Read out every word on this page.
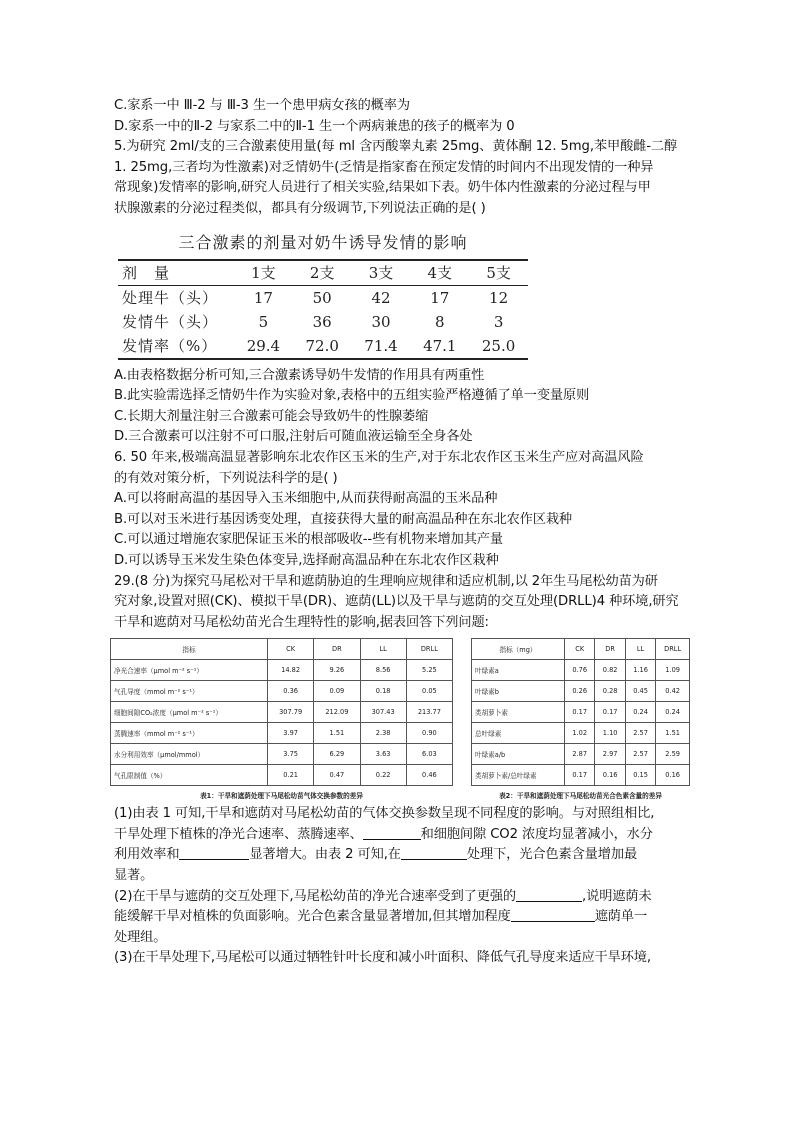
C.家系一中 Ⅲ-2 与 Ⅲ-3 生一个患甲病女孩的概率为
D.家系一中的Ⅱ-2 与家系二中的Ⅱ-1 生一个两病兼患的孩子的概率为 0
5.为研究 2ml/支的三合激素使用量(每 ml 含丙酸睾丸素 25mg、黄体酮 12. 5mg,苯甲酸雌-二醇
1. 25mg,三者均为性激素)对乏情奶牛(乏情是指家畜在预定发情的时间内不出现发情的一种异
常现象)发情率的影响,研究人员进行了相关实验,结果如下表。奶牛体内性激素的分泌过程与甲
状腺激素的分泌过程类似，都具有分级调节,下列说法正确的是( )
三合激素的剂量对奶牛诱导发情的影响
剂　量	1支	2支	3支	4支	5支
处理牛（头）	17	50	42	17	12
发情牛（头）	5	36	30	8	3
发情率（%）	29.4	72.0	71.4	47.1	25.0
A.由表格数据分析可知,三合激素诱导奶牛发情的作用具有两重性
B.此实验需选择乏情奶牛作为实验对象,表格中的五组实验严格遵循了单一变量原则
C.长期大剂量注射三合激素可能会导致奶牛的性腺萎缩
D.三合激素可以注射不可口服,注射后可随血液运输至全身各处
6. 50 年来,极端高温显著影响东北农作区玉米的生产,对于东北农作区玉米生产应对高温风险
的有效对策分析，下列说法科学的是( )
A.可以将耐高温的基因导入玉米细胞中,从而获得耐高温的玉米品种
B.可以对玉米进行基因诱变处理，直接获得大量的耐高温品种在东北农作区栽种
C.可以通过增施农家肥保证玉米的根部吸收--些有机物来增加其产量
D.可以诱导玉米发生染色体变异,选择耐高温品种在东北农作区栽种
29.(8 分)为探究马尾松对干旱和遮荫胁迫的生理响应规律和适应机制,以 2年生马尾松幼苗为研
究对象,设置对照(CK)、模拟干旱(DR)、遮荫(LL)以及干旱与遮荫的交互处理(DRLL)4 种环境,研究
干旱和遮荫对马尾松幼苗光合生理特性的影响,据表回答下列问题:
指标	CK	DR	LL	DRLL
净光合速率（μmol m⁻² s⁻¹）	14.82	9.26	8.56	5.25
气孔导度（mmol m⁻² s⁻¹）	0.36	0.09	0.18	0.05
细胞间隙CO₂浓度（μmol m⁻² s⁻¹）	307.79	212.09	307.43	213.77
蒸腾速率（mmol m⁻² s⁻¹）	3.97	1.51	2.38	0.90
水分利用效率（μmol/mmol）	3.75	6.29	3.63	6.03
气孔限制值（%）	0.21	0.47	0.22	0.46
表1：干旱和遮荫处理下马尾松幼苗气体交换参数的差异
指标（mg）	CK	DR	LL	DRLL
叶绿素a	0.76	0.82	1.16	1.09
叶绿素b	0.26	0.28	0.45	0.42
类胡萝卜素	0.17	0.17	0.24	0.24
总叶绿素	1.02	1.10	2.57	1.51
叶绿素a/b	2.87	2.97	2.57	2.59
类胡萝卜素/总叶绿素	0.17	0.16	0.15	0.16
表2：干旱和遮荫处理下马尾松幼苗光合色素含量的差异
(1)由表 1 可知,干旱和遮荫对马尾松幼苗的气体交换参数呈现不同程度的影响。与对照组相比,
干旱处理下植株的净光合速率、蒸腾速率、	和细胞间隙 CO2 浓度均显著减小，水分
利用效率和	显著增大。由表 2 可知,在	处理下，光合色素含量增加最
显著。
(2)在干旱与遮荫的交互处理下,马尾松幼苗的净光合速率受到了更强的	,说明遮荫未
能缓解干旱对植株的负面影响。光合色素含量显著增加,但其增加程度	遮荫单一
处理组。
(3)在干旱处理下,马尾松可以通过牺牲针叶长度和减小叶面积、降低气孔导度来适应干旱环境,
